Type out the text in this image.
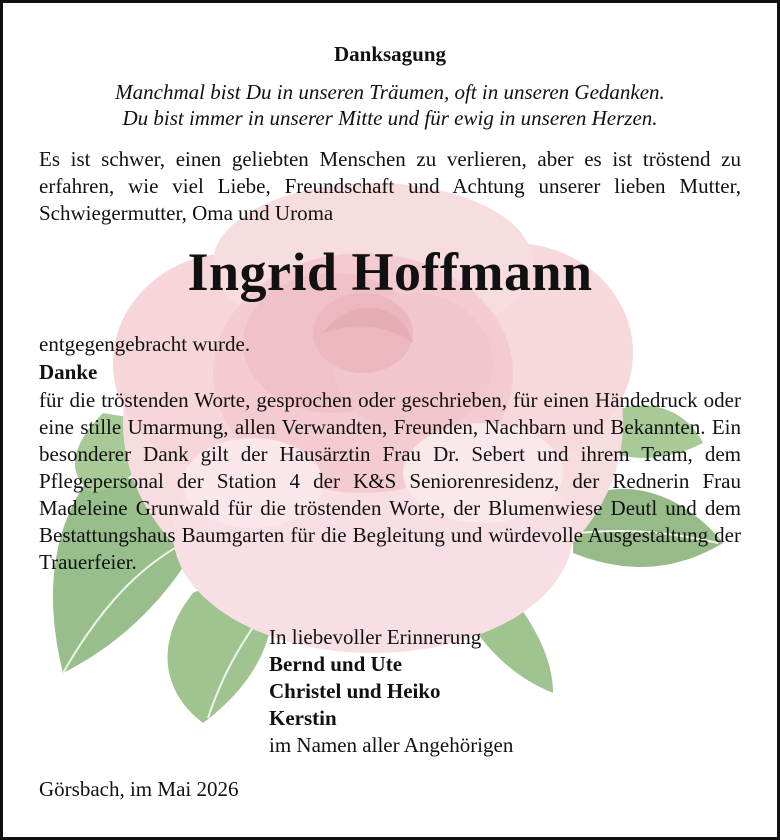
Danksagung
Manchmal bist Du in unseren Träumen, oft in unseren Gedanken.
Du bist immer in unserer Mitte und für ewig in unseren Herzen.
Es ist schwer, einen geliebten Menschen zu verlieren, aber es ist tröstend zu erfahren, wie viel Liebe, Freundschaft und Achtung unserer lieben Mutter, Schwiegermutter, Oma und Uroma
Ingrid Hoffmann
entgegengebracht wurde.
Danke
für die tröstenden Worte, gesprochen oder geschrieben, für einen Händedruck oder eine stille Umarmung, allen Verwandten, Freunden, Nachbarn und Bekannten. Ein besonderer Dank gilt der Hausärztin Frau Dr. Sebert und ihrem Team, dem Pflegepersonal der Station 4 der K&S Seniorenresidenz, der Rednerin Frau Madeleine Grunwald für die tröstenden Worte, der Blumenwiese Deutl und dem Bestattungshaus Baumgarten für die Begleitung und würdevolle Ausgestaltung der Trauerfeier.
In liebevoller Erinnerung
Bernd und Ute
Christel und Heiko
Kerstin
im Namen aller Angehörigen
Görsbach, im Mai 2026
